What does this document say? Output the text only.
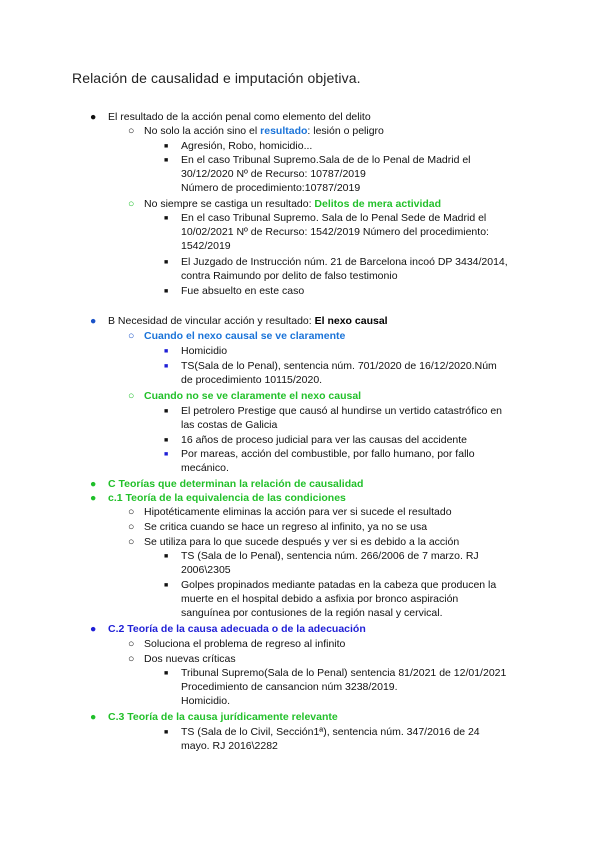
Relación de causalidad e imputación objetiva.
● El resultado de la acción penal como elemento del delito
○ No solo la acción sino el resultado: lesión o peligro
■ Agresión, Robo, homicidio...
■ En el caso Tribunal Supremo.Sala de de lo Penal de Madrid el
30/12/2020 Nº de Recurso: 10787/2019
Número de procedimiento:10787/2019
○ No siempre se castiga un resultado: Delitos de mera actividad
■ En el caso Tribunal Supremo. Sala de lo Penal Sede de Madrid el
10/02/2021 Nº de Recurso: 1542/2019 Número del procedimiento:
1542/2019
■ El Juzgado de Instrucción núm. 21 de Barcelona incoó DP 3434/2014,
contra Raimundo por delito de falso testimonio
■ Fue absuelto en este caso
● B Necesidad de vincular acción y resultado: El nexo causal
○ Cuando el nexo causal se ve claramente
■ Homicidio
■ TS(Sala de lo Penal), sentencia núm. 701/2020 de 16/12/2020.Núm
de procedimiento 10115/2020.
○ Cuando no se ve claramente el nexo causal
■ El petrolero Prestige que causó al hundirse un vertido catastrófico en
las costas de Galicia
■ 16 años de proceso judicial para ver las causas del accidente
■ Por mareas, acción del combustible, por fallo humano, por fallo
mecánico.
● C Teorías que determinan la relación de causalidad
● c.1 Teoría de la equivalencia de las condiciones
○ Hipotéticamente eliminas la acción para ver si sucede el resultado
○ Se critica cuando se hace un regreso al infinito, ya no se usa
○ Se utiliza para lo que sucede después y ver si es debido a la acción
■ TS (Sala de lo Penal), sentencia núm. 266/2006 de 7 marzo. RJ
2006\2305
■ Golpes propinados mediante patadas en la cabeza que producen la
muerte en el hospital debido a asfixia por bronco aspiración
sanguínea por contusiones de la región nasal y cervical.
● C.2 Teoría de la causa adecuada o de la adecuación
○ Soluciona el problema de regreso al infinito
○ Dos nuevas críticas
■ Tribunal Supremo(Sala de lo Penal) sentencia 81/2021 de 12/01/2021
Procedimiento de cansancion núm 3238/2019.
Homicidio.
● C.3 Teoría de la causa jurídicamente relevante
■ TS (Sala de lo Civil, Sección1ª), sentencia núm. 347/2016 de 24
mayo. RJ 2016\2282
